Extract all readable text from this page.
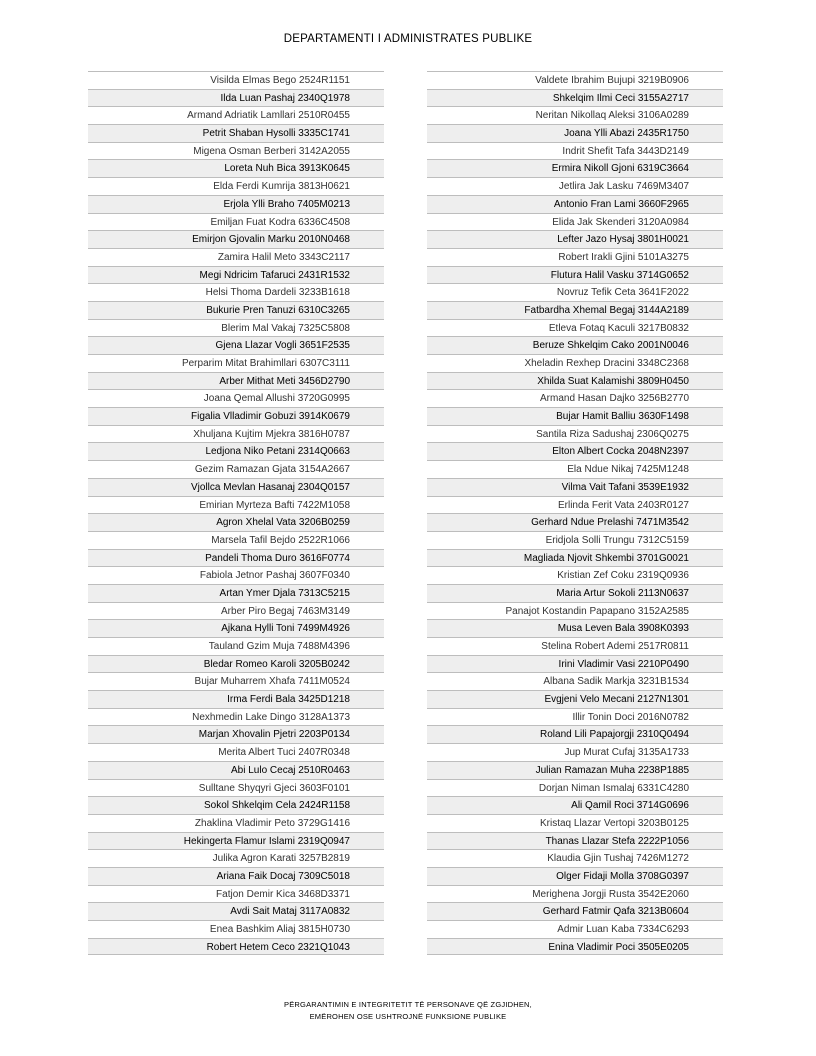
DEPARTAMENTI I ADMINISTRATES PUBLIKE
Visilda Elmas Bego 2524R1151
Ilda Luan Pashaj 2340Q1978
Armand Adriatik Lamllari 2510R0455
Petrit Shaban Hysolli 3335C1741
Migena Osman Berberi 3142A2055
Loreta Nuh Bica 3913K0645
Elda Ferdi Kumrija 3813H0621
Erjola Ylli Braho 7405M0213
Emiljan Fuat Kodra 6336C4508
Emirjon Gjovalin Marku 2010N0468
Zamira Halil Meto 3343C2117
Megi Ndricim Tafaruci 2431R1532
Helsi Thoma Dardeli 3233B1618
Bukurie Pren Tanuzi 6310C3265
Blerim Mal Vakaj 7325C5808
Gjena Llazar Vogli 3651F2535
Perparim Mitat Brahimllari 6307C3111
Arber Mithat Meti 3456D2790
Joana Qemal Allushi 3720G0995
Figalia Vlladimir Gobuzi 3914K0679
Xhuljana Kujtim Mjekra 3816H0787
Ledjona Niko Petani 2314Q0663
Gezim Ramazan Gjata 3154A2667
Vjollca Mevlan Hasanaj 2304Q0157
Emirian Myrteza Bafti 7422M1058
Agron Xhelal Vata 3206B0259
Marsela Tafil Bejdo 2522R1066
Pandeli Thoma Duro 3616F0774
Fabiola Jetnor Pashaj 3607F0340
Artan Ymer Djala 7313C5215
Arber Piro Begaj 7463M3149
Ajkana Hylli Toni 7499M4926
Tauland Gzim Muja 7488M4396
Bledar Romeo Karoli 3205B0242
Bujar Muharrem Xhafa 7411M0524
Irma Ferdi Bala 3425D1218
Nexhmedin Lake Dingo 3128A1373
Marjan Xhovalin Pjetri 2203P0134
Merita Albert Tuci 2407R0348
Abi Lulo Cecaj 2510R0463
Sulltane Shyqyri Gjeci 3603F0101
Sokol Shkelqim Cela 2424R1158
Zhaklina Vladimir Peto 3729G1416
Hekingerta Flamur Islami 2319Q0947
Julika Agron Karati 3257B2819
Ariana Faik Docaj 7309C5018
Fatjon Demir Kica 3468D3371
Avdi Sait Mataj 3117A0832
Enea Bashkim Aliaj 3815H0730
Robert Hetem Ceco 2321Q1043
Valdete Ibrahim Bujupi 3219B0906
Shkelqim Ilmi Ceci 3155A2717
Neritan Nikollaq Aleksi 3106A0289
Joana Ylli Abazi 2435R1750
Indrit Shefit Tafa 3443D2149
Ermira Nikoll Gjoni 6319C3664
Jetlira Jak Lasku 7469M3407
Antonio Fran Lami 3660F2965
Elida Jak Skenderi 3120A0984
Lefter Jazo Hysaj 3801H0021
Robert Irakli Gjini 5101A3275
Flutura Halil Vasku 3714G0652
Novruz Tefik Ceta 3641F2022
Fatbardha Xhemal Begaj 3144A2189
Etleva Fotaq Kaculi 3217B0832
Beruze Shkelqim Cako 2001N0046
Xheladin Rexhep Dracini 3348C2368
Xhilda Suat Kalamishi 3809H0450
Armand Hasan Dajko 3256B2770
Bujar Hamit Balliu 3630F1498
Santila Riza Sadushaj 2306Q0275
Elton Albert Cocka 2048N2397
Ela Ndue Nikaj 7425M1248
Vilma Vait Tafani 3539E1932
Erlinda Ferit Vata 2403R0127
Gerhard Ndue Prelashi 7471M3542
Eridjola Solli Trungu 7312C5159
Magliada Njovit Shkembi 3701G0021
Kristian Zef Coku 2319Q0936
Maria Artur Sokoli 2113N0637
Panajot Kostandin Papapano 3152A2585
Musa Leven Bala 3908K0393
Stelina Robert Ademi 2517R0811
Irini Vladimir Vasi 2210P0490
Albana Sadik Markja 3231B1534
Evgjeni Velo Mecani 2127N1301
Illir Tonin Doci 2016N0782
Roland Lili Papajorgji 2310Q0494
Jup Murat Cufaj 3135A1733
Julian Ramazan Muha 2238P1885
Dorjan Niman Ismalaj 6331C4280
Ali Qamil Roci 3714G0696
Kristaq Llazar Vertopi 3203B0125
Thanas Llazar Stefa 2222P1056
Klaudia Gjin Tushaj 7426M1272
Olger Fidaji Molla 3708G0397
Merighena Jorgji Rusta 3542E2060
Gerhard Fatmir Qafa 3213B0604
Admir Luan Kaba 7334C6293
Enina Vladimir Poci 3505E0205
PËRGARANTIMIN E INTEGRITETIT TË PERSONAVE QË ZGJIDHEN,
EMËROHEN OSE USHTROJNË FUNKSIONE PUBLIKE
